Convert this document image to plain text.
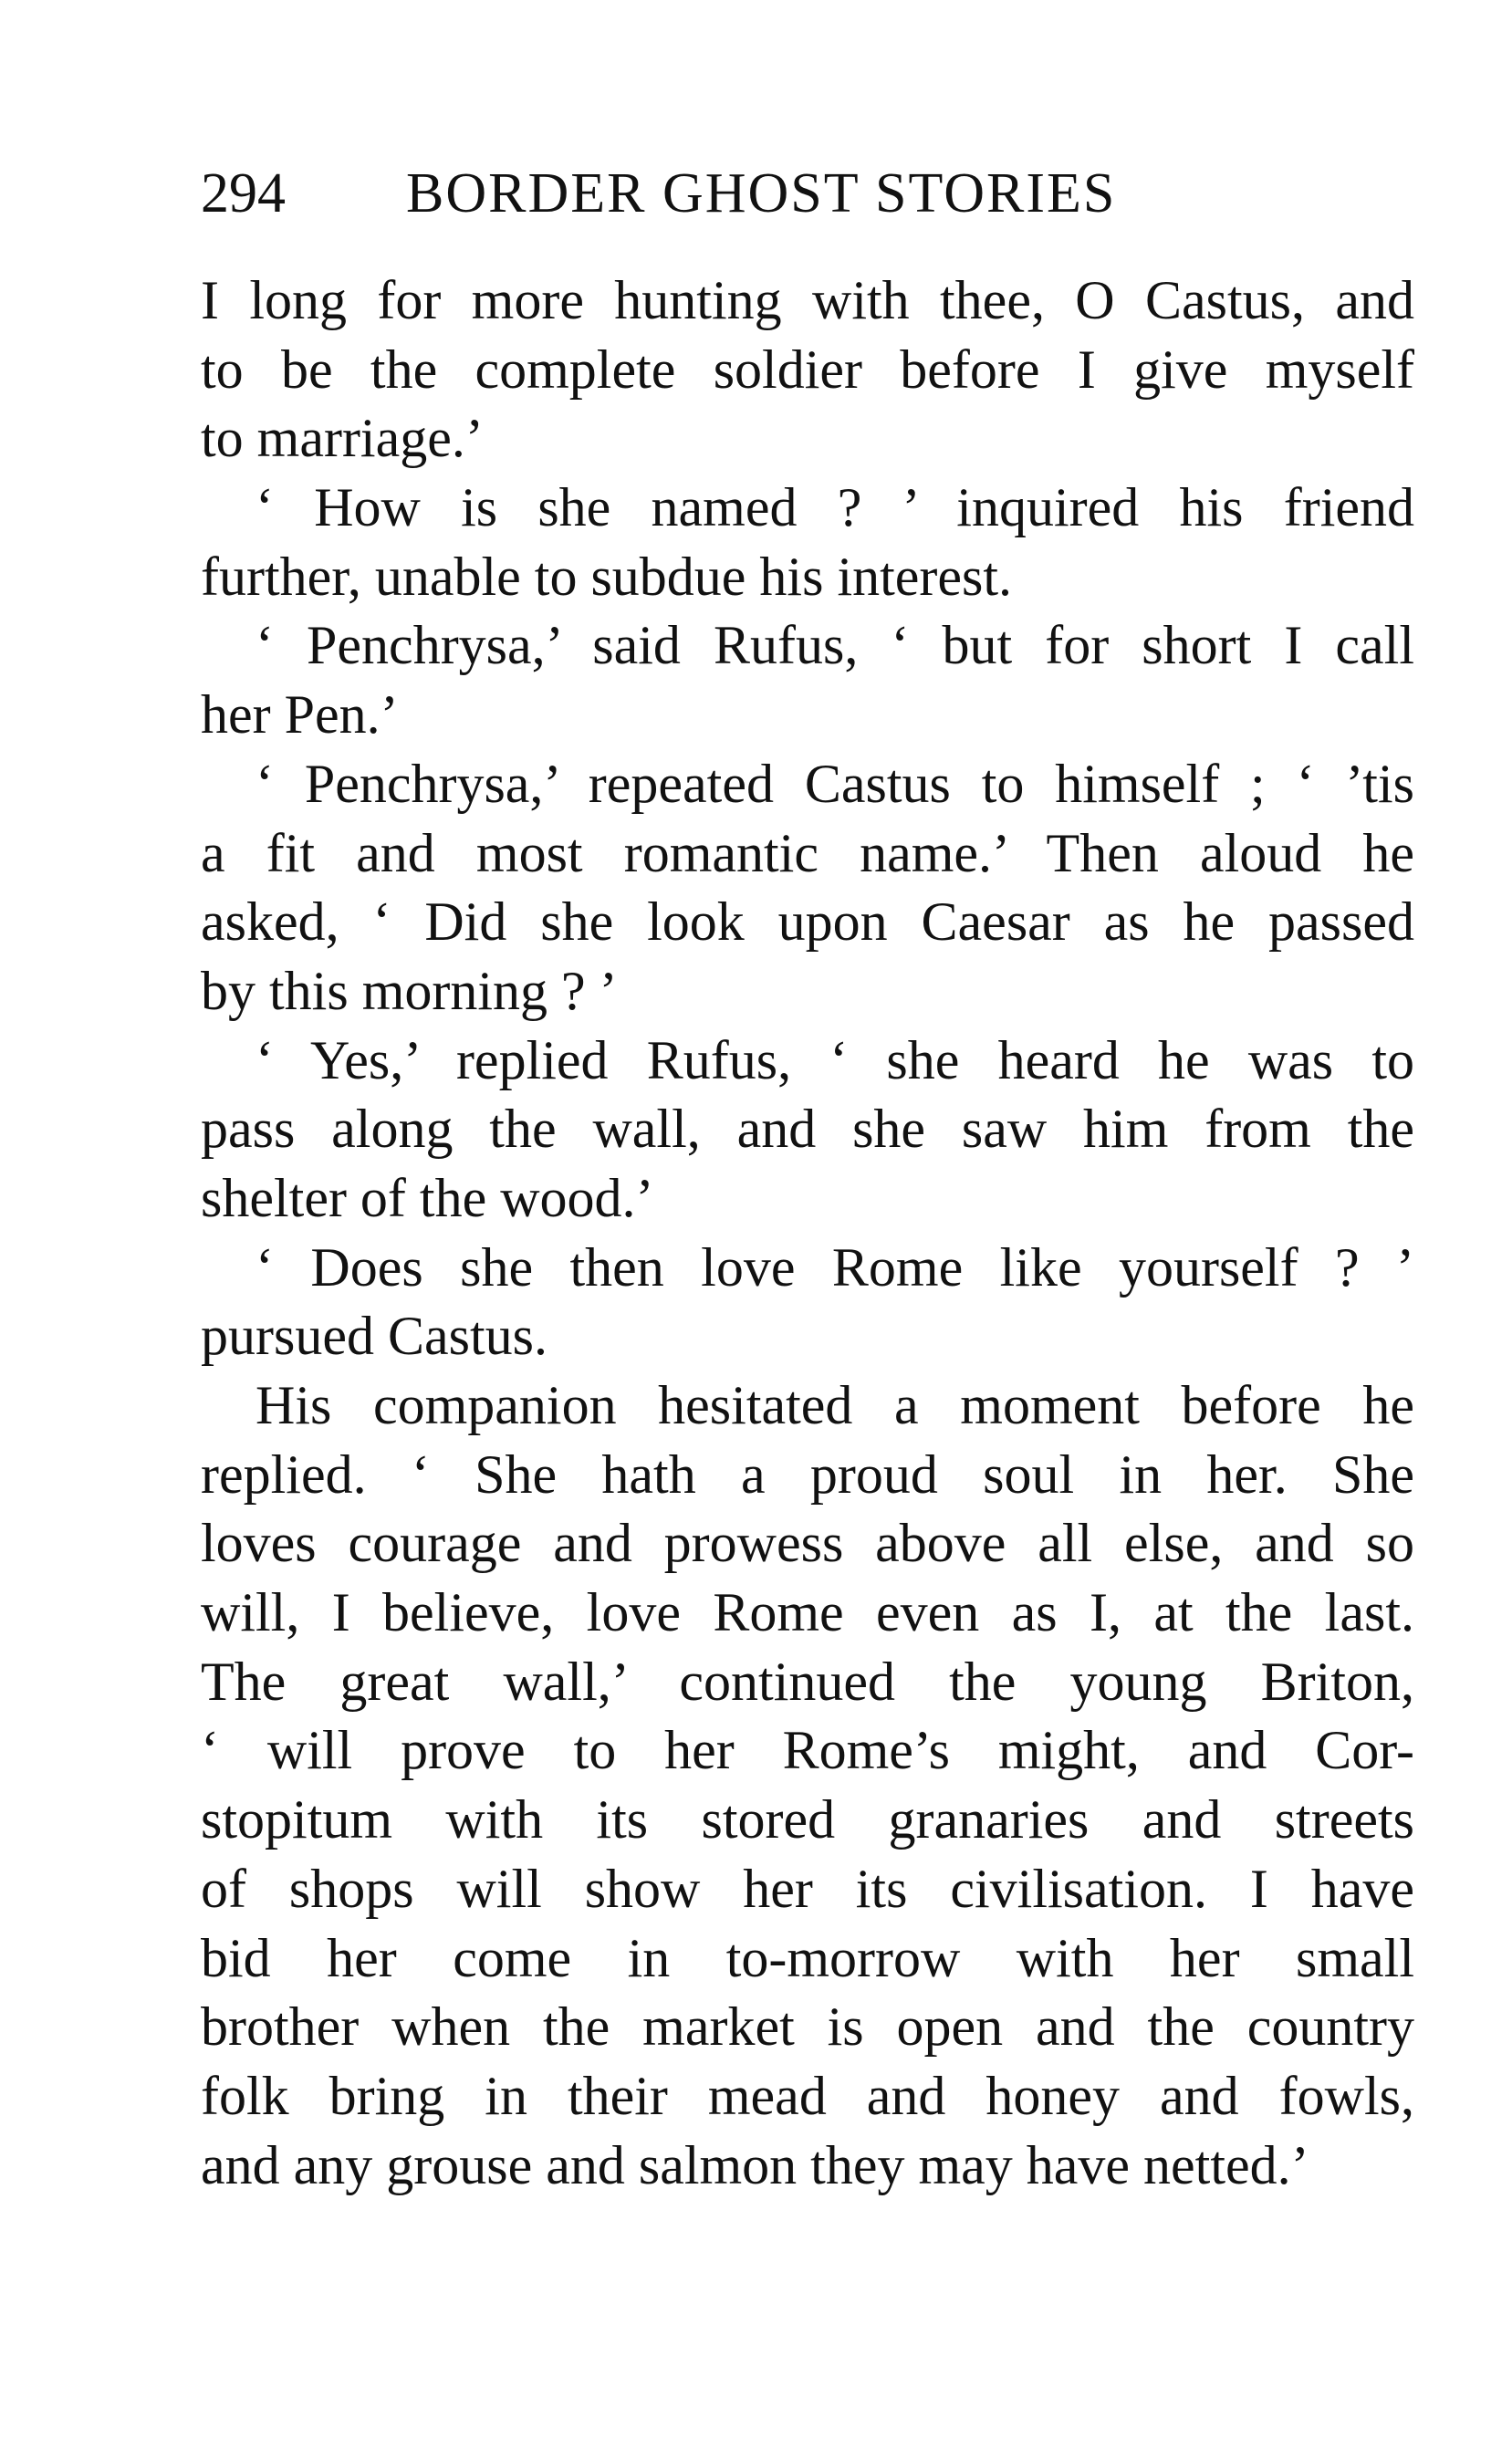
294 BORDER GHOST STORIES
I long for more hunting with thee, O Castus, and
to be the complete soldier before I give myself
to marriage.’
‘ How is she named ? ’ inquired his friend
further, unable to subdue his interest.
‘ Penchrysa,’ said Rufus, ‘ but for short I call
her Pen.’
‘ Penchrysa,’ repeated Castus to himself ; ‘ ’tis
a fit and most romantic name.’ Then aloud he
asked, ‘ Did she look upon Caesar as he passed
by this morning ? ’
‘ Yes,’ replied Rufus, ‘ she heard he was to
pass along the wall, and she saw him from the
shelter of the wood.’
‘ Does she then love Rome like yourself ? ’
pursued Castus.
His companion hesitated a moment before he
replied. ‘ She hath a proud soul in her. She
loves courage and prowess above all else, and so
will, I believe, love Rome even as I, at the last.
The great wall,’ continued the young Briton,
‘ will prove to her Rome’s might, and Cor-
stopitum with its stored granaries and streets
of shops will show her its civilisation. I have
bid her come in to-morrow with her small
brother when the market is open and the country
folk bring in their mead and honey and fowls,
and any grouse and salmon they may have netted.’
